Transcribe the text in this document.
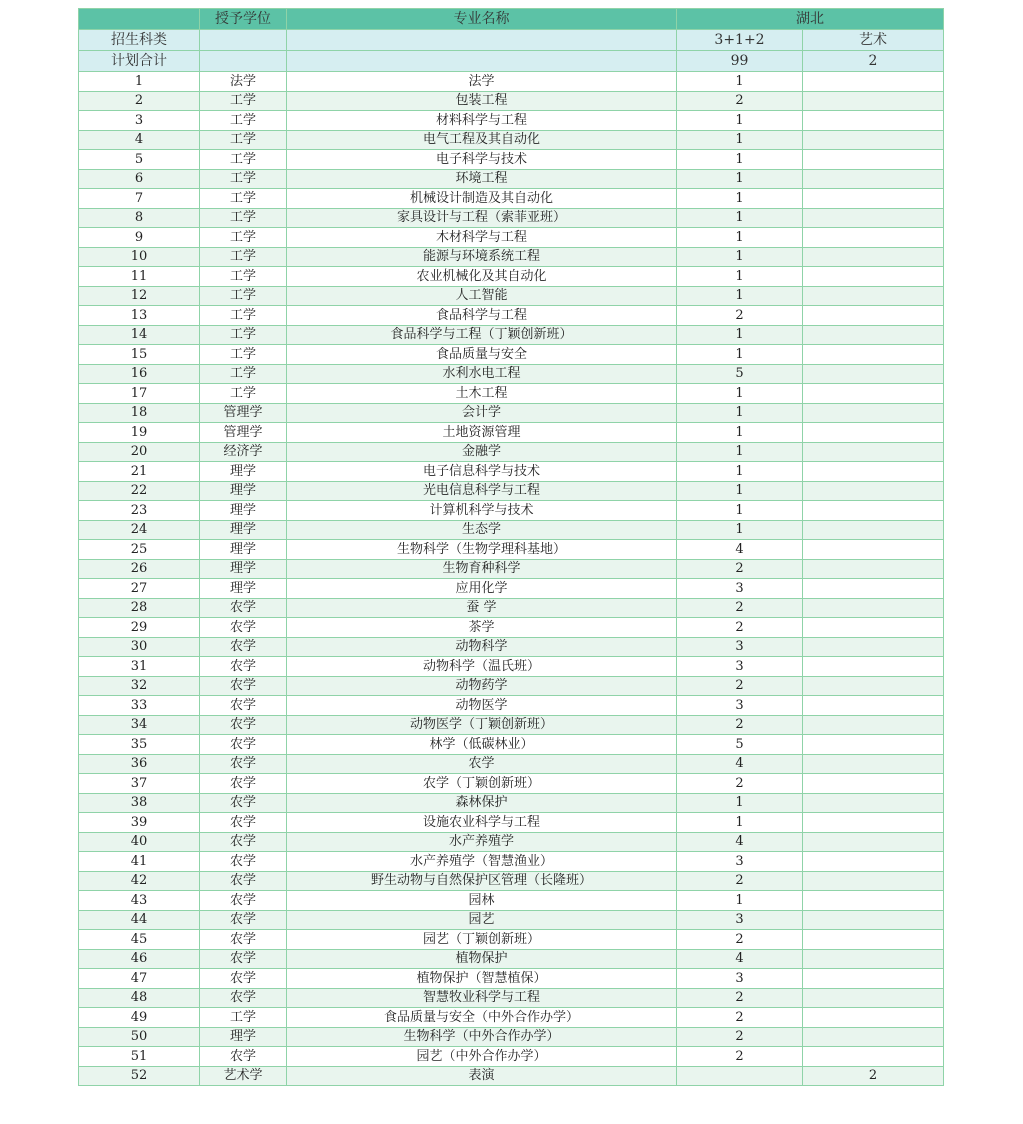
	授予学位	专业名称	湖北	
招生科类			3+1+2	艺术
计划合计			99	2
1	法学	法学	1	
2	工学	包装工程	2	
3	工学	材料科学与工程	1	
4	工学	电气工程及其自动化	1	
5	工学	电子科学与技术	1	
6	工学	环境工程	1	
7	工学	机械设计制造及其自动化	1	
8	工学	家具设计与工程（索菲亚班）	1	
9	工学	木材科学与工程	1	
10	工学	能源与环境系统工程	1	
11	工学	农业机械化及其自动化	1	
12	工学	人工智能	1	
13	工学	食品科学与工程	2	
14	工学	食品科学与工程（丁颖创新班）	1	
15	工学	食品质量与安全	1	
16	工学	水利水电工程	5	
17	工学	土木工程	1	
18	管理学	会计学	1	
19	管理学	土地资源管理	1	
20	经济学	金融学	1	
21	理学	电子信息科学与技术	1	
22	理学	光电信息科学与工程	1	
23	理学	计算机科学与技术	1	
24	理学	生态学	1	
25	理学	生物科学（生物学理科基地）	4	
26	理学	生物育种科学	2	
27	理学	应用化学	3	
28	农学	蚕 学	2	
29	农学	茶学	2	
30	农学	动物科学	3	
31	农学	动物科学（温氏班）	3	
32	农学	动物药学	2	
33	农学	动物医学	3	
34	农学	动物医学（丁颖创新班）	2	
35	农学	林学（低碳林业）	5	
36	农学	农学	4	
37	农学	农学（丁颖创新班）	2	
38	农学	森林保护	1	
39	农学	设施农业科学与工程	1	
40	农学	水产养殖学	4	
41	农学	水产养殖学（智慧渔业）	3	
42	农学	野生动物与自然保护区管理（长隆班）	2	
43	农学	园林	1	
44	农学	园艺	3	
45	农学	园艺（丁颖创新班）	2	
46	农学	植物保护	4	
47	农学	植物保护（智慧植保）	3	
48	农学	智慧牧业科学与工程	2	
49	工学	食品质量与安全（中外合作办学）	2	
50	理学	生物科学（中外合作办学）	2	
51	农学	园艺（中外合作办学）	2	
52	艺术学	表演		2
